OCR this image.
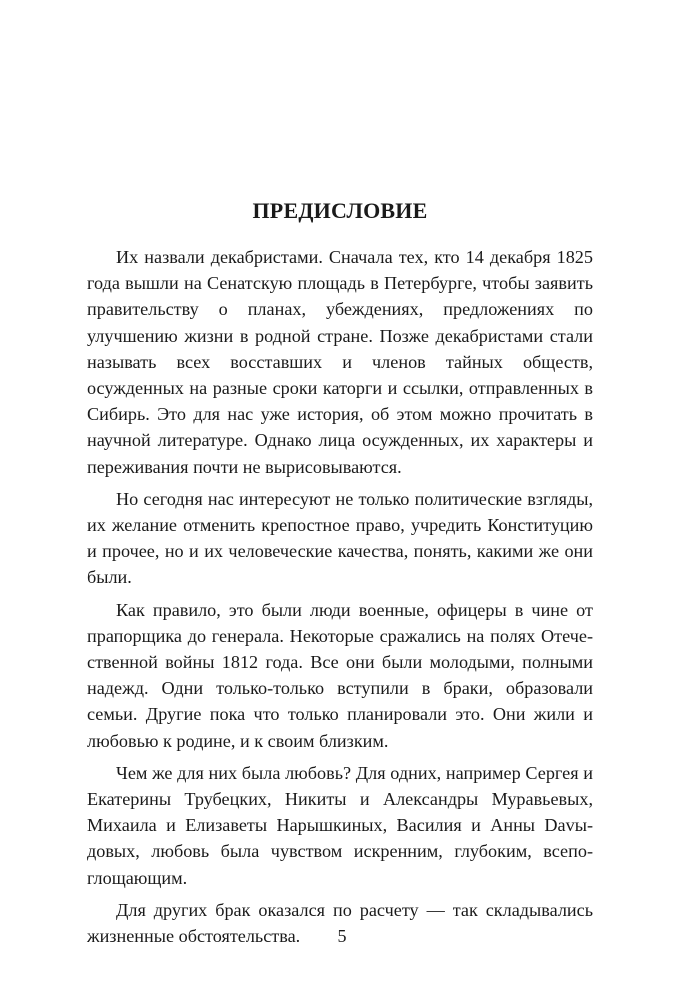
ПРЕДИСЛОВИЕ

Их назвали декабристами. Сначала тех, кто 14 декабря 1825 года вышли на Сенатскую площадь в Петербурге, чтобы заявить правительству о планах, убеждениях, предложениях по улучшению жизни в родной стране. Позже декабристами стали называть всех восставших и членов тайных обществ, осужденных на разные сроки каторги и ссылки, отправленных в Сибирь. Это для нас уже история, об этом можно прочитать в научной литературе. Однако лица осужденных, их характеры и переживания почти не вырисовываются.

Но сегодня нас интересуют не только политические взгляды, их желание отменить крепостное право, учредить Конституцию и прочее, но и их человеческие качества, понять, какими же они были.

Как правило, это были люди военные, офицеры в чине от прапорщика до генерала. Некоторые сражались на полях Отечественной войны 1812 года. Все они были молодыми, полными надежд. Одни только-только вступили в браки, образовали семьи. Другие пока что только планировали это. Они жили и любовью к родине, и к своим близким.

Чем же для них была любовь? Для одних, например Сергея и Екатерины Трубецких, Никиты и Александры Муравьевых, Михаила и Елизаветы Нарышкиных, Василия и Анны Davыдовых, любовь была чувством искренним, глубоким, всепоглощающим.

Для других брак оказался по расчету — так складывались жизненные обстоятельства.	5
